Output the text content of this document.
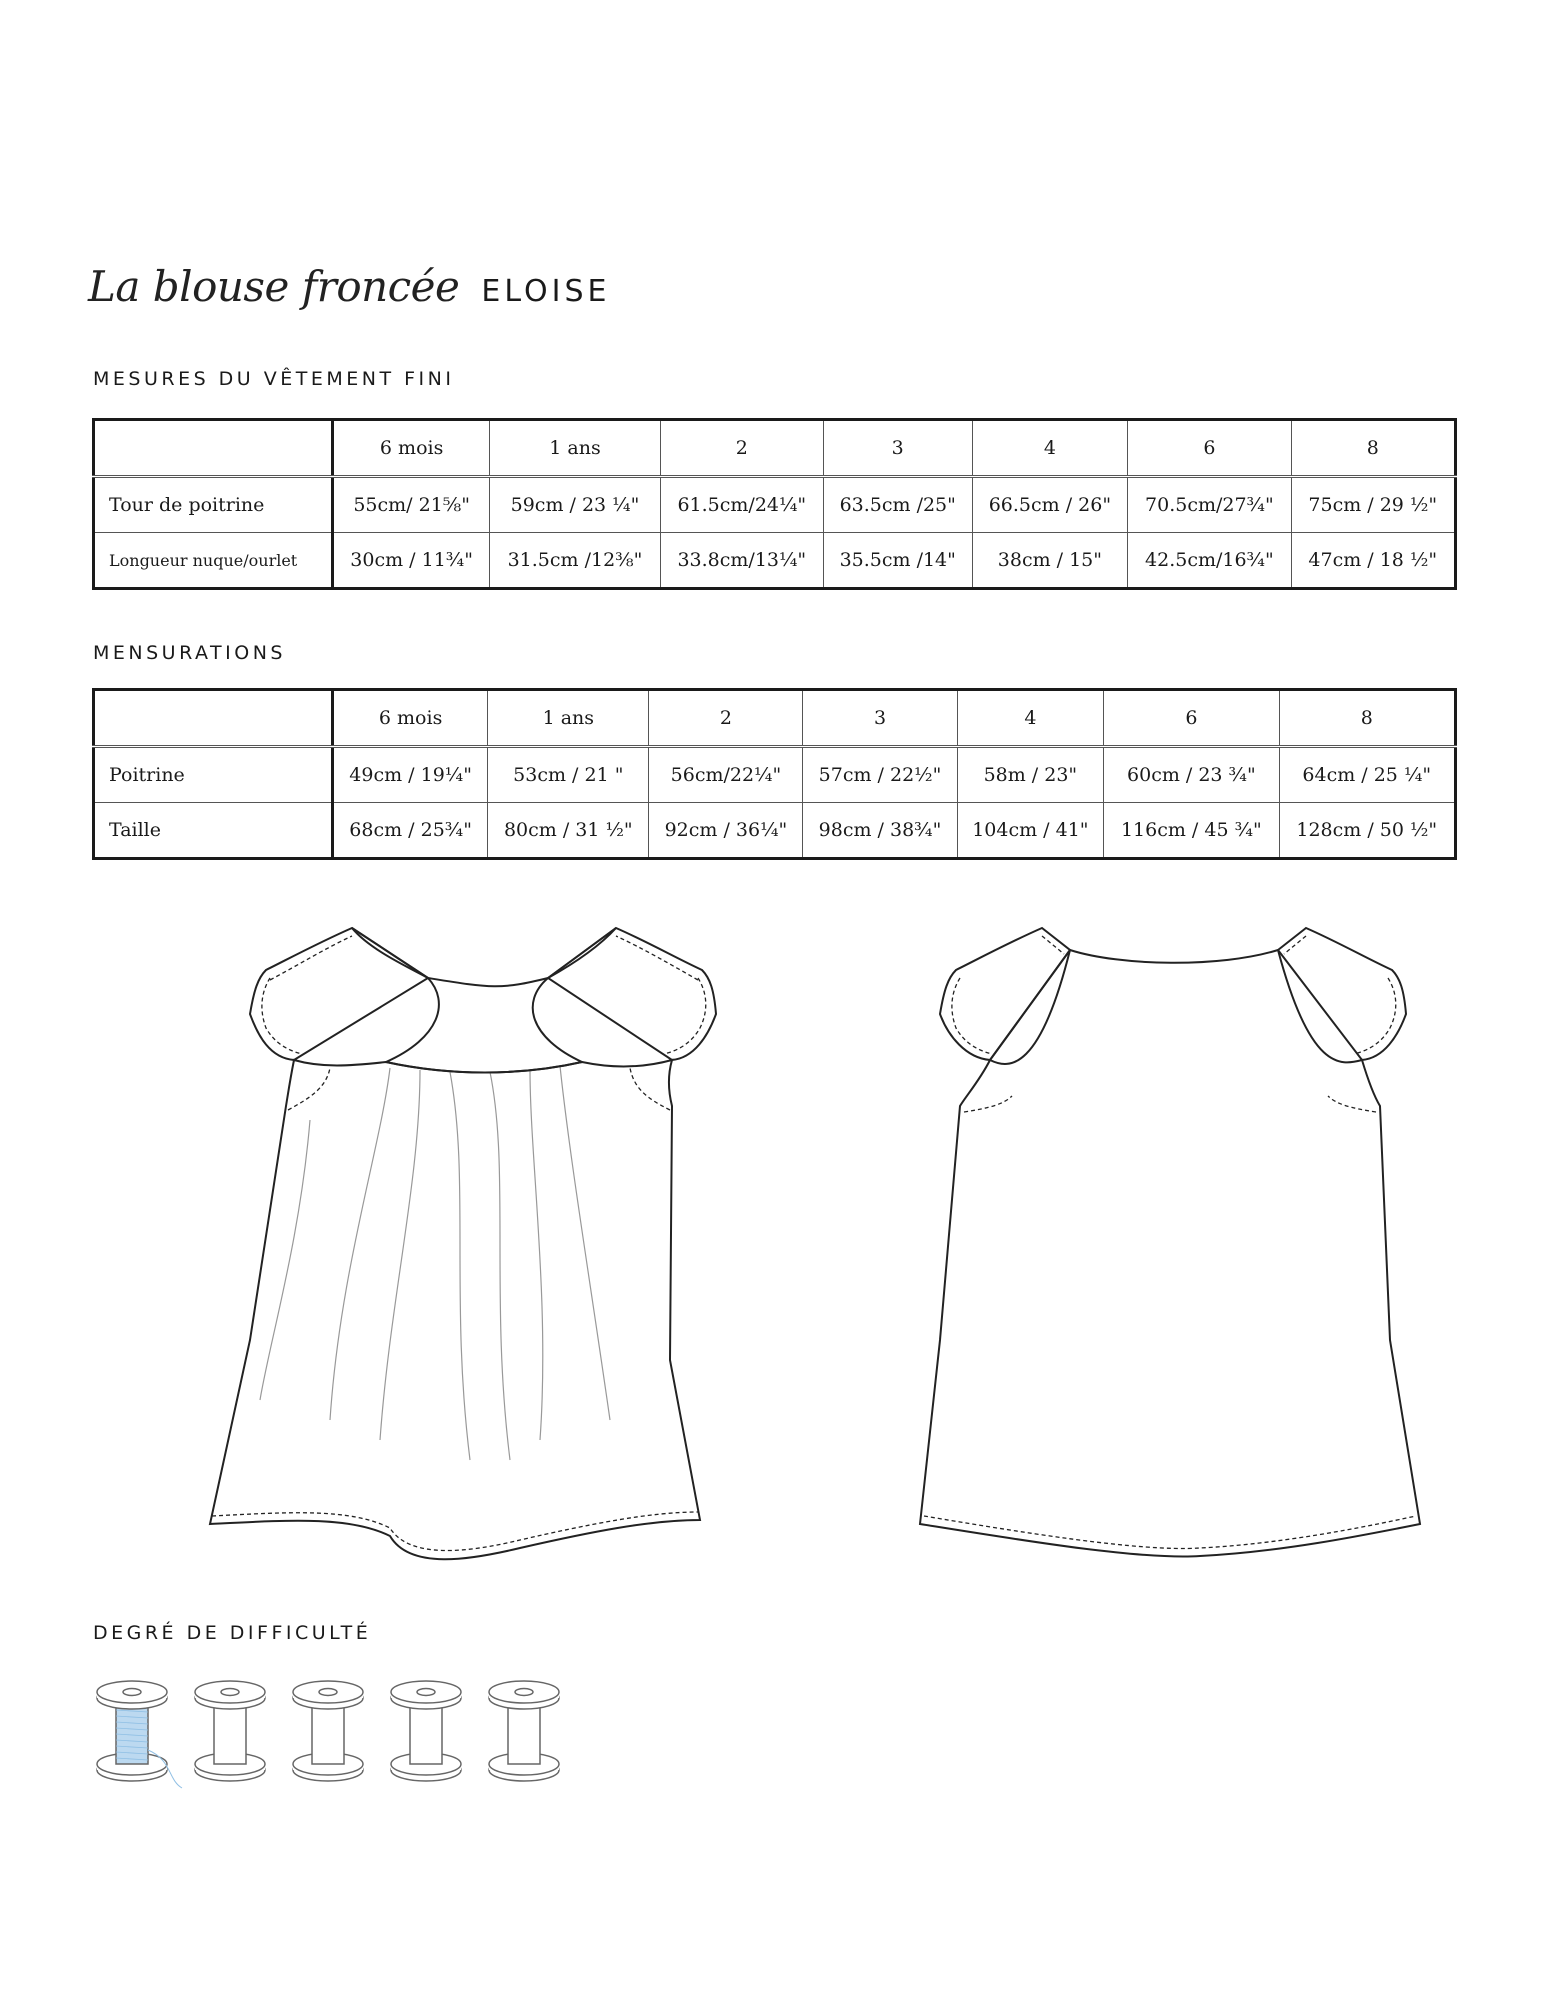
La blouse froncée ELOISE
MESURES DU VÊTEMENT FINI
	6 mois	1 ans	2	3	4	6	8
Tour de poitrine	55cm/ 21⅝"	59cm / 23 ¼"	61.5cm/24¼"	63.5cm /25"	66.5cm / 26"	70.5cm/27¾"	75cm / 29 ½"
Longueur nuque/ourlet	30cm / 11¾"	31.5cm /12⅜"	33.8cm/13¼"	35.5cm /14"	38cm / 15"	42.5cm/16¾"	47cm / 18 ½"
MENSURATIONS
	6 mois	1 ans	2	3	4	6	8
Poitrine	49cm / 19¼"	53cm / 21 "	56cm/22¼"	57cm / 22½"	58m / 23"	60cm / 23 ¾"	64cm / 25 ¼"
Taille	68cm / 25¾"	80cm / 31 ½"	92cm / 36¼"	98cm / 38¾"	104cm / 41"	116cm / 45 ¾"	128cm / 50 ½"
DEGRÉ DE DIFFICULTÉ
